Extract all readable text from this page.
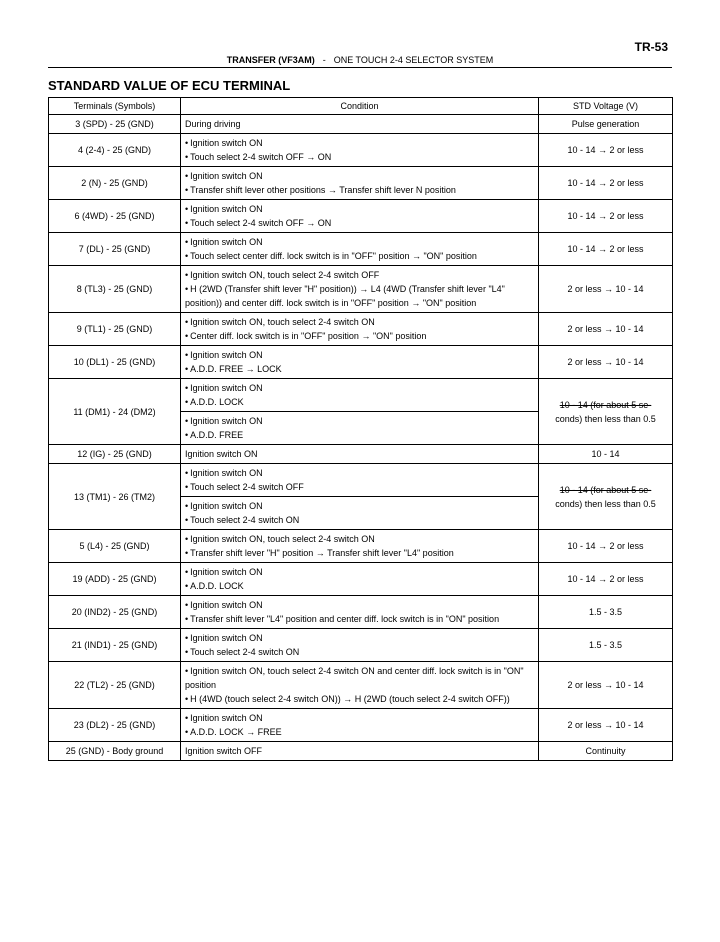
TR-53
TRANSFER (VF3AM) - ONE TOUCH 2-4 SELECTOR SYSTEM
STANDARD VALUE OF ECU TERMINAL
Terminals (Symbols)	Condition	STD Voltage (V)
3 (SPD) - 25 (GND)	During driving	Pulse generation
4 (2-4) - 25 (GND)	• Ignition switch ON
• Touch select 2-4 switch OFF → ON	10 - 14 → 2 or less
2 (N) - 25 (GND)	• Ignition switch ON
• Transfer shift lever other positions → Transfer shift lever N position	10 - 14 → 2 or less
6 (4WD) - 25 (GND)	• Ignition switch ON
• Touch select 2-4 switch OFF → ON	10 - 14 → 2 or less
7 (DL) - 25 (GND)	• Ignition switch ON
• Touch select center diff. lock switch is in "OFF" position → "ON" position	10 - 14 → 2 or less
8 (TL3) - 25 (GND)	• Ignition switch ON, touch select 2-4 switch OFF
• H (2WD (Transfer shift lever "H" position)) → L4 (4WD (Transfer shift lever "L4" position)) and center diff. lock switch is in "OFF" position → "ON" position	2 or less → 10 - 14
9 (TL1) - 25 (GND)	• Ignition switch ON, touch select 2-4 switch ON
• Center diff. lock switch is in "OFF" position → "ON" position	2 or less → 10 - 14
10 (DL1) - 25 (GND)	• Ignition switch ON
• A.D.D. FREE → LOCK	2 or less → 10 - 14
11 (DM1) - 24 (DM2)	• Ignition switch ON
• A.D.D. LOCK	10 - 14 (for about 5 se-
conds) then less than 0.5

	• Ignition switch ON
• A.D.D. FREE

12 (IG) - 25 (GND)	Ignition switch ON	10 - 14
13 (TM1) - 26 (TM2)	• Ignition switch ON
• Touch select 2-4 switch OFF	10 - 14 (for about 5 se-
conds) then less than 0.5

	• Ignition switch ON
• Touch select 2-4 switch ON

5 (L4) - 25 (GND)	• Ignition switch ON, touch select 2-4 switch ON
• Transfer shift lever "H" position → Transfer shift lever "L4" position	10 - 14 → 2 or less
19 (ADD) - 25 (GND)	• Ignition switch ON
• A.D.D. LOCK	10 - 14 → 2 or less
20 (IND2) - 25 (GND)	• Ignition switch ON
• Transfer shift lever "L4" position and center diff. lock switch is in "ON" position	1.5 - 3.5
21 (IND1) - 25 (GND)	• Ignition switch ON
• Touch select 2-4 switch ON	1.5 - 3.5
22 (TL2) - 25 (GND)	• Ignition switch ON, touch select 2-4 switch ON and center diff. lock switch is in "ON" position
• H (4WD (touch select 2-4 switch ON)) → H (2WD (touch select 2-4 switch OFF))	2 or less → 10 - 14
23 (DL2) - 25 (GND)	• Ignition switch ON
• A.D.D. LOCK → FREE	2 or less → 10 - 14
25 (GND) - Body ground	Ignition switch OFF	Continuity
